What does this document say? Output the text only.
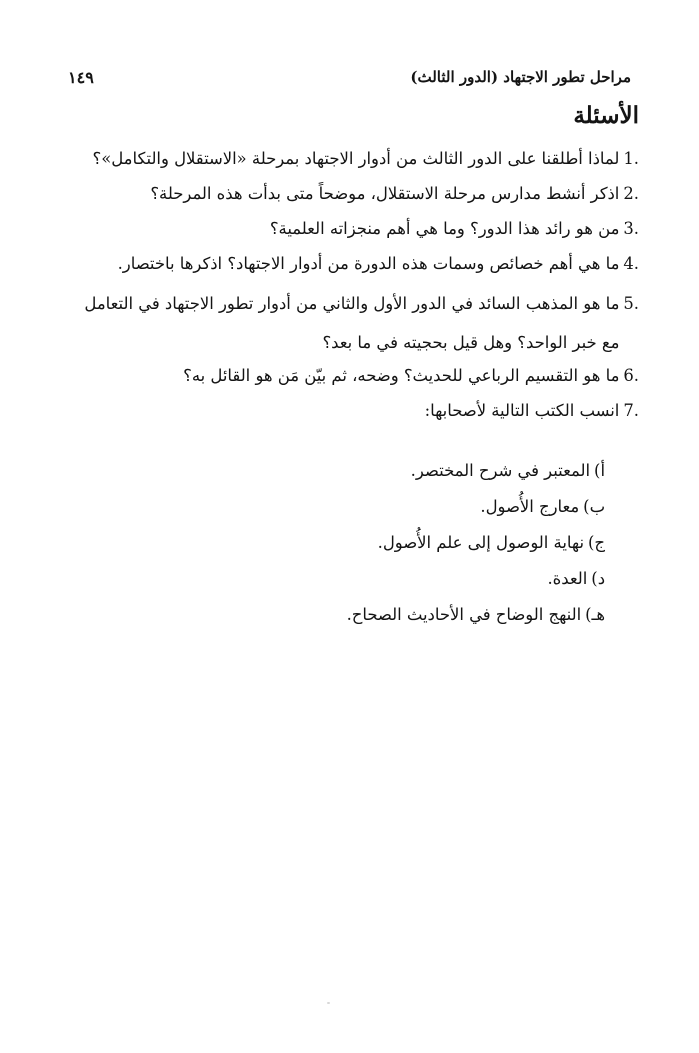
مراحل تطور الاجتهاد (الدور الثالث)
١٤٩
الأسئلة
1.
لماذا أطلقنا على الدور الثالث من أدوار الاجتهاد بمرحلة «الاستقلال والتكامل»؟
2.
اذكر أنشط مدارس مرحلة الاستقلال، موضحاً متى بدأت هذه المرحلة؟
3.
من هو رائد هذا الدور؟ وما هي أهم منجزاته العلمية؟
4.
ما هي أهم خصائص وسمات هذه الدورة من أدوار الاجتهاد؟ اذكرها باختصار.
5.
ما هو المذهب السائد في الدور الأول والثاني من أدوار تطور الاجتهاد في التعامل مع خبر الواحد؟ وهل قيل بحجيته في ما بعد؟
6.
ما هو التقسيم الرباعي للحديث؟ وضحه، ثم بيّن مَن هو القائل به؟
7.
انسب الكتب التالية لأصحابها:
أ)
المعتبر في شرح المختصر.
ب)
معارج الأُصول.
ج)
نهاية الوصول إلى علم الأُصول.
د)
العدة.
هـ)
النهج الوضاح في الأحاديث الصحاح.
